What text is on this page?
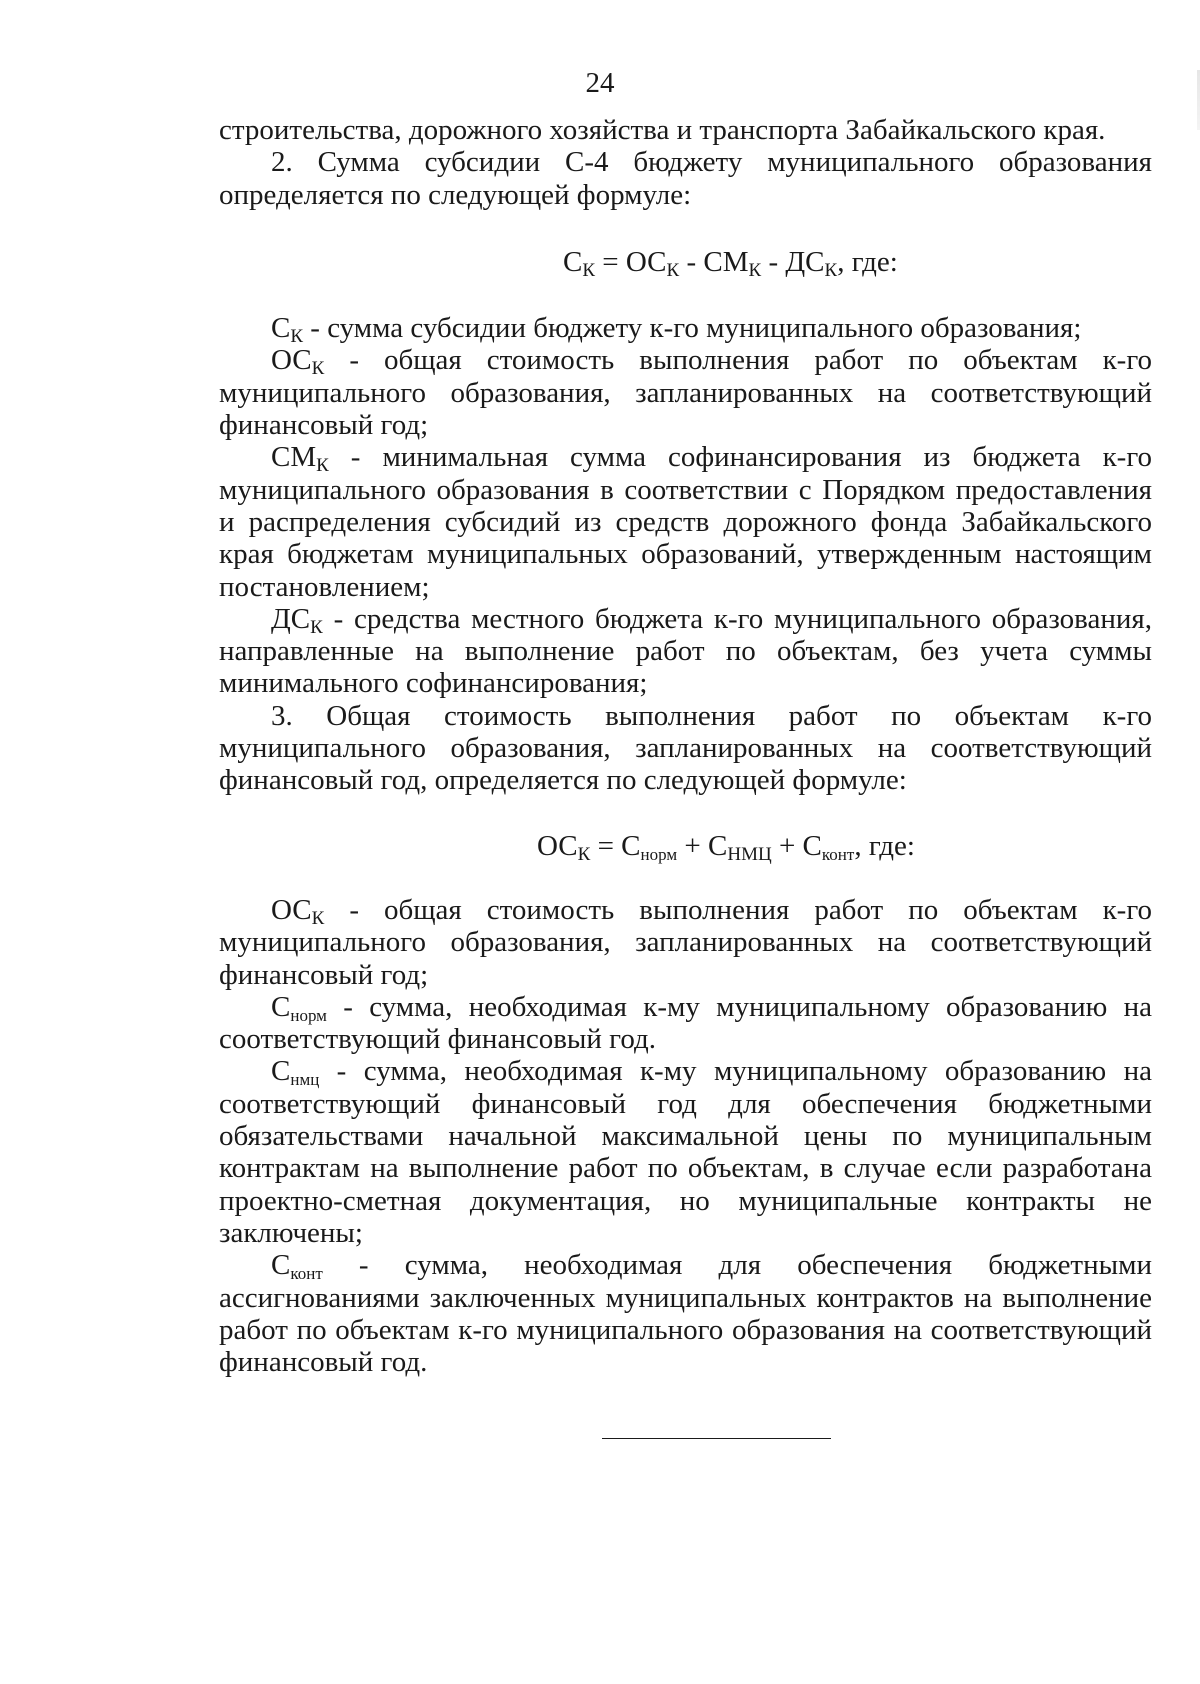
24

строительства, дорожного хозяйства и транспорта Забайкальского края.

2. Сумма субсидии С-4 бюджету муниципального образования определяется по следующей формуле:

$С_К = ОС_К - СМ_К - ДС_К$, где:

$С_К$ - сумма субсидии бюджету к-го муниципального образования;

$ОС_К$ - общая стоимость выполнения работ по объектам к-го муниципального образования, запланированных на соответствующий финансовый год;

$СМ_К$ - минимальная сумма софинансирования из бюджета к-го муниципального образования в соответствии с Порядком предоставления и распределения субсидий из средств дорожного фонда Забайкальского края бюджетам муниципальных образований, утвержденным настоящим постановлением;

$ДС_К$ - средства местного бюджета к-го муниципального образования, направленные на выполнение работ по объектам, без учета суммы минимального софинансирования;

3. Общая стоимость выполнения работ по объектам к-го муниципального образования, запланированных на соответствующий финансовый год, определяется по следующей формуле:

$ОС_К = С_{норм} + С_{НМЦ} + С_{конт}$, где:

$ОС_К$ - общая стоимость выполнения работ по объектам к-го муниципального образования, запланированных на соответствующий финансовый год;

$С_{норм}$ - сумма, необходимая к-му муниципальному образованию на соответствующий финансовый год.

$С_{нмц}$ - сумма, необходимая к-му муниципальному образованию на соответствующий финансовый год для обеспечения бюджетными обязательствами начальной максимальной цены по муниципальным контрактам на выполнение работ по объектам, в случае если разработана проектно-сметная документация, но муниципальные контракты не заключены;

$С_{конт}$ - сумма, необходимая для обеспечения бюджетными ассигнованиями заключенных муниципальных контрактов на выполнение работ по объектам к-го муниципального образования на соответствующий финансовый год.
